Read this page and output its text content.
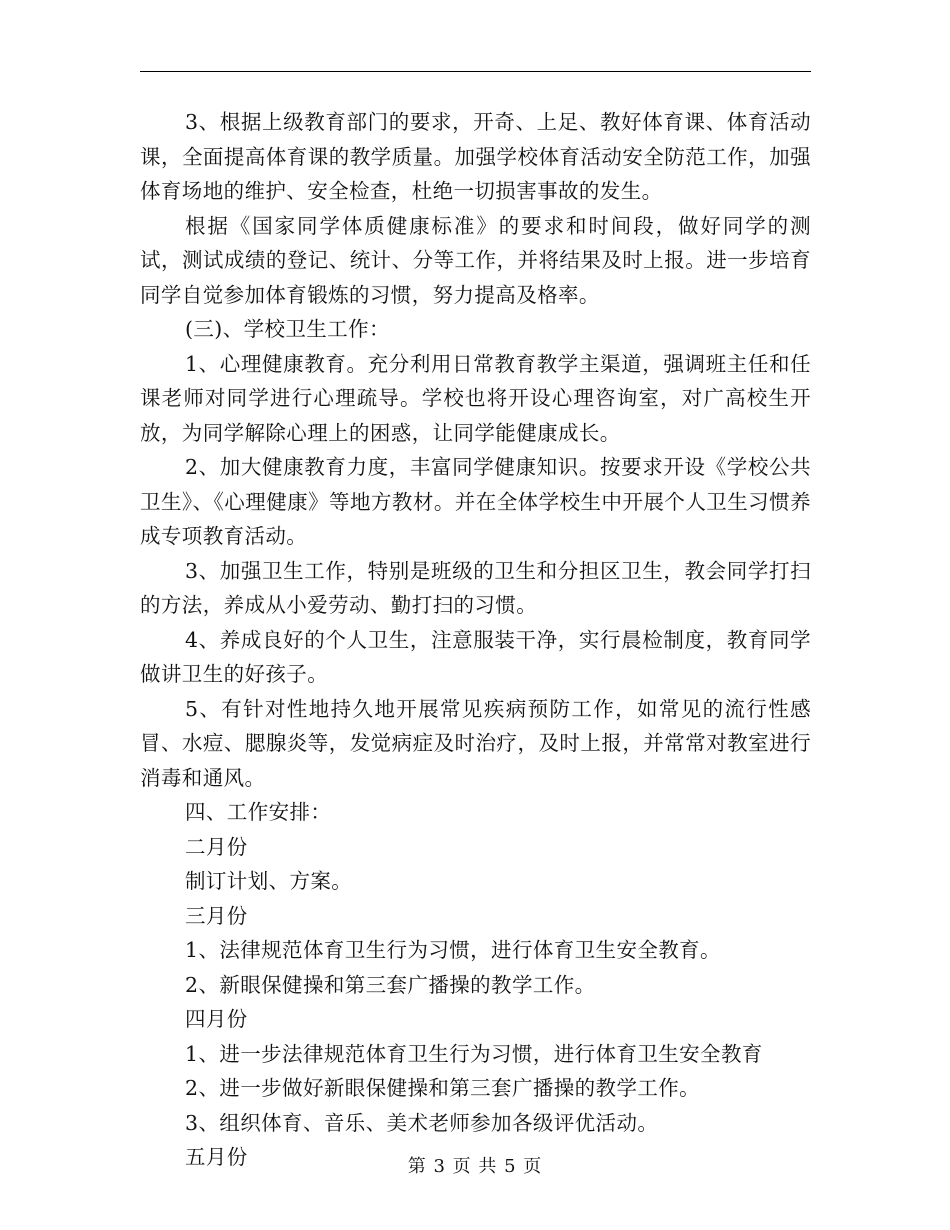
3、根据上级教育部门的要求，开奇、上足、教好体育课、体育活动课，全面提高体育课的教学质量。加强学校体育活动安全防范工作，加强体育场地的维护、安全检查，杜绝一切损害事故的发生。

根据《国家同学体质健康标准》的要求和时间段，做好同学的测试，测试成绩的登记、统计、分等工作，并将结果及时上报。进一步培育同学自觉参加体育锻炼的习惯，努力提高及格率。

(三)、学校卫生工作：

1、心理健康教育。充分利用日常教育教学主渠道，强调班主任和任课老师对同学进行心理疏导。学校也将开设心理咨询室，对广高校生开放，为同学解除心理上的困惑，让同学能健康成长。

2、加大健康教育力度，丰富同学健康知识。按要求开设《学校公共卫生》、《心理健康》等地方教材。并在全体学校生中开展个人卫生习惯养成专项教育活动。

3、加强卫生工作，特别是班级的卫生和分担区卫生，教会同学打扫的方法，养成从小爱劳动、勤打扫的习惯。

4、养成良好的个人卫生，注意服装干净，实行晨检制度，教育同学做讲卫生的好孩子。

5、有针对性地持久地开展常见疾病预防工作，如常见的流行性感冒、水痘、腮腺炎等，发觉病症及时治疗，及时上报，并常常对教室进行消毒和通风。

四、工作安排：

二月份

制订计划、方案。

三月份

1、法律规范体育卫生行为习惯，进行体育卫生安全教育。

2、新眼保健操和第三套广播操的教学工作。

四月份

1、进一步法律规范体育卫生行为习惯，进行体育卫生安全教育

2、进一步做好新眼保健操和第三套广播操的教学工作。

3、组织体育、音乐、美术老师参加各级评优活动。

五月份	第 3 页 共 5 页
